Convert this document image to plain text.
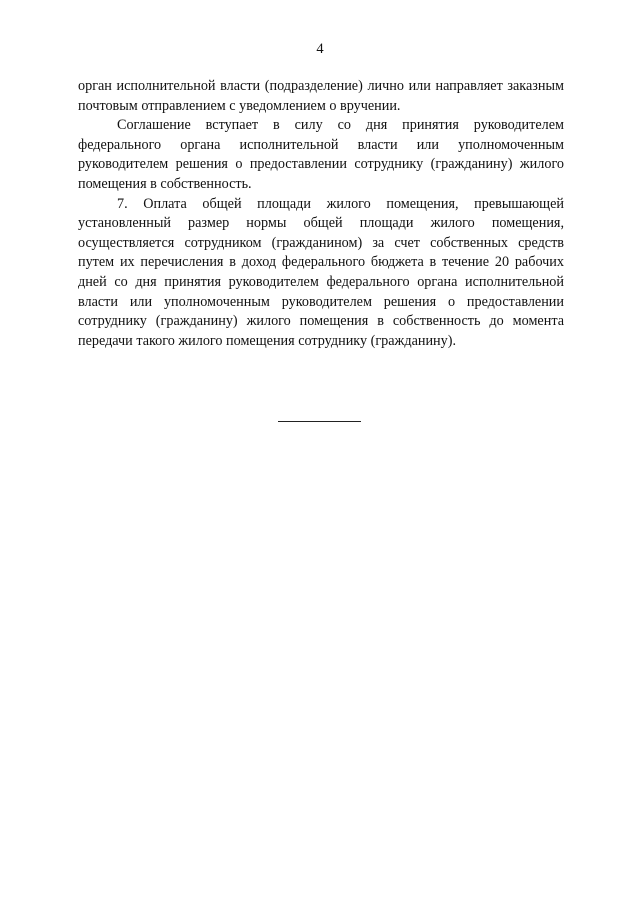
4

орган исполнительной власти (подразделение) лично или направляет заказным почтовым отправлением с уведомлением о вручении.

Соглашение вступает в силу со дня принятия руководителем федерального органа исполнительной власти или уполномоченным руководителем решения о предоставлении сотруднику (гражданину) жилого помещения в собственность.

7. Оплата общей площади жилого помещения, превышающей установленный размер нормы общей площади жилого помещения, осуществляется сотрудником (гражданином) за счет собственных средств путем их перечисления в доход федерального бюджета в течение 20 рабочих дней со дня принятия руководителем федерального органа исполнительной власти или уполномоченным руководителем решения о предоставлении сотруднику (гражданину) жилого помещения в собственность до момента передачи такого жилого помещения сотруднику (гражданину).
